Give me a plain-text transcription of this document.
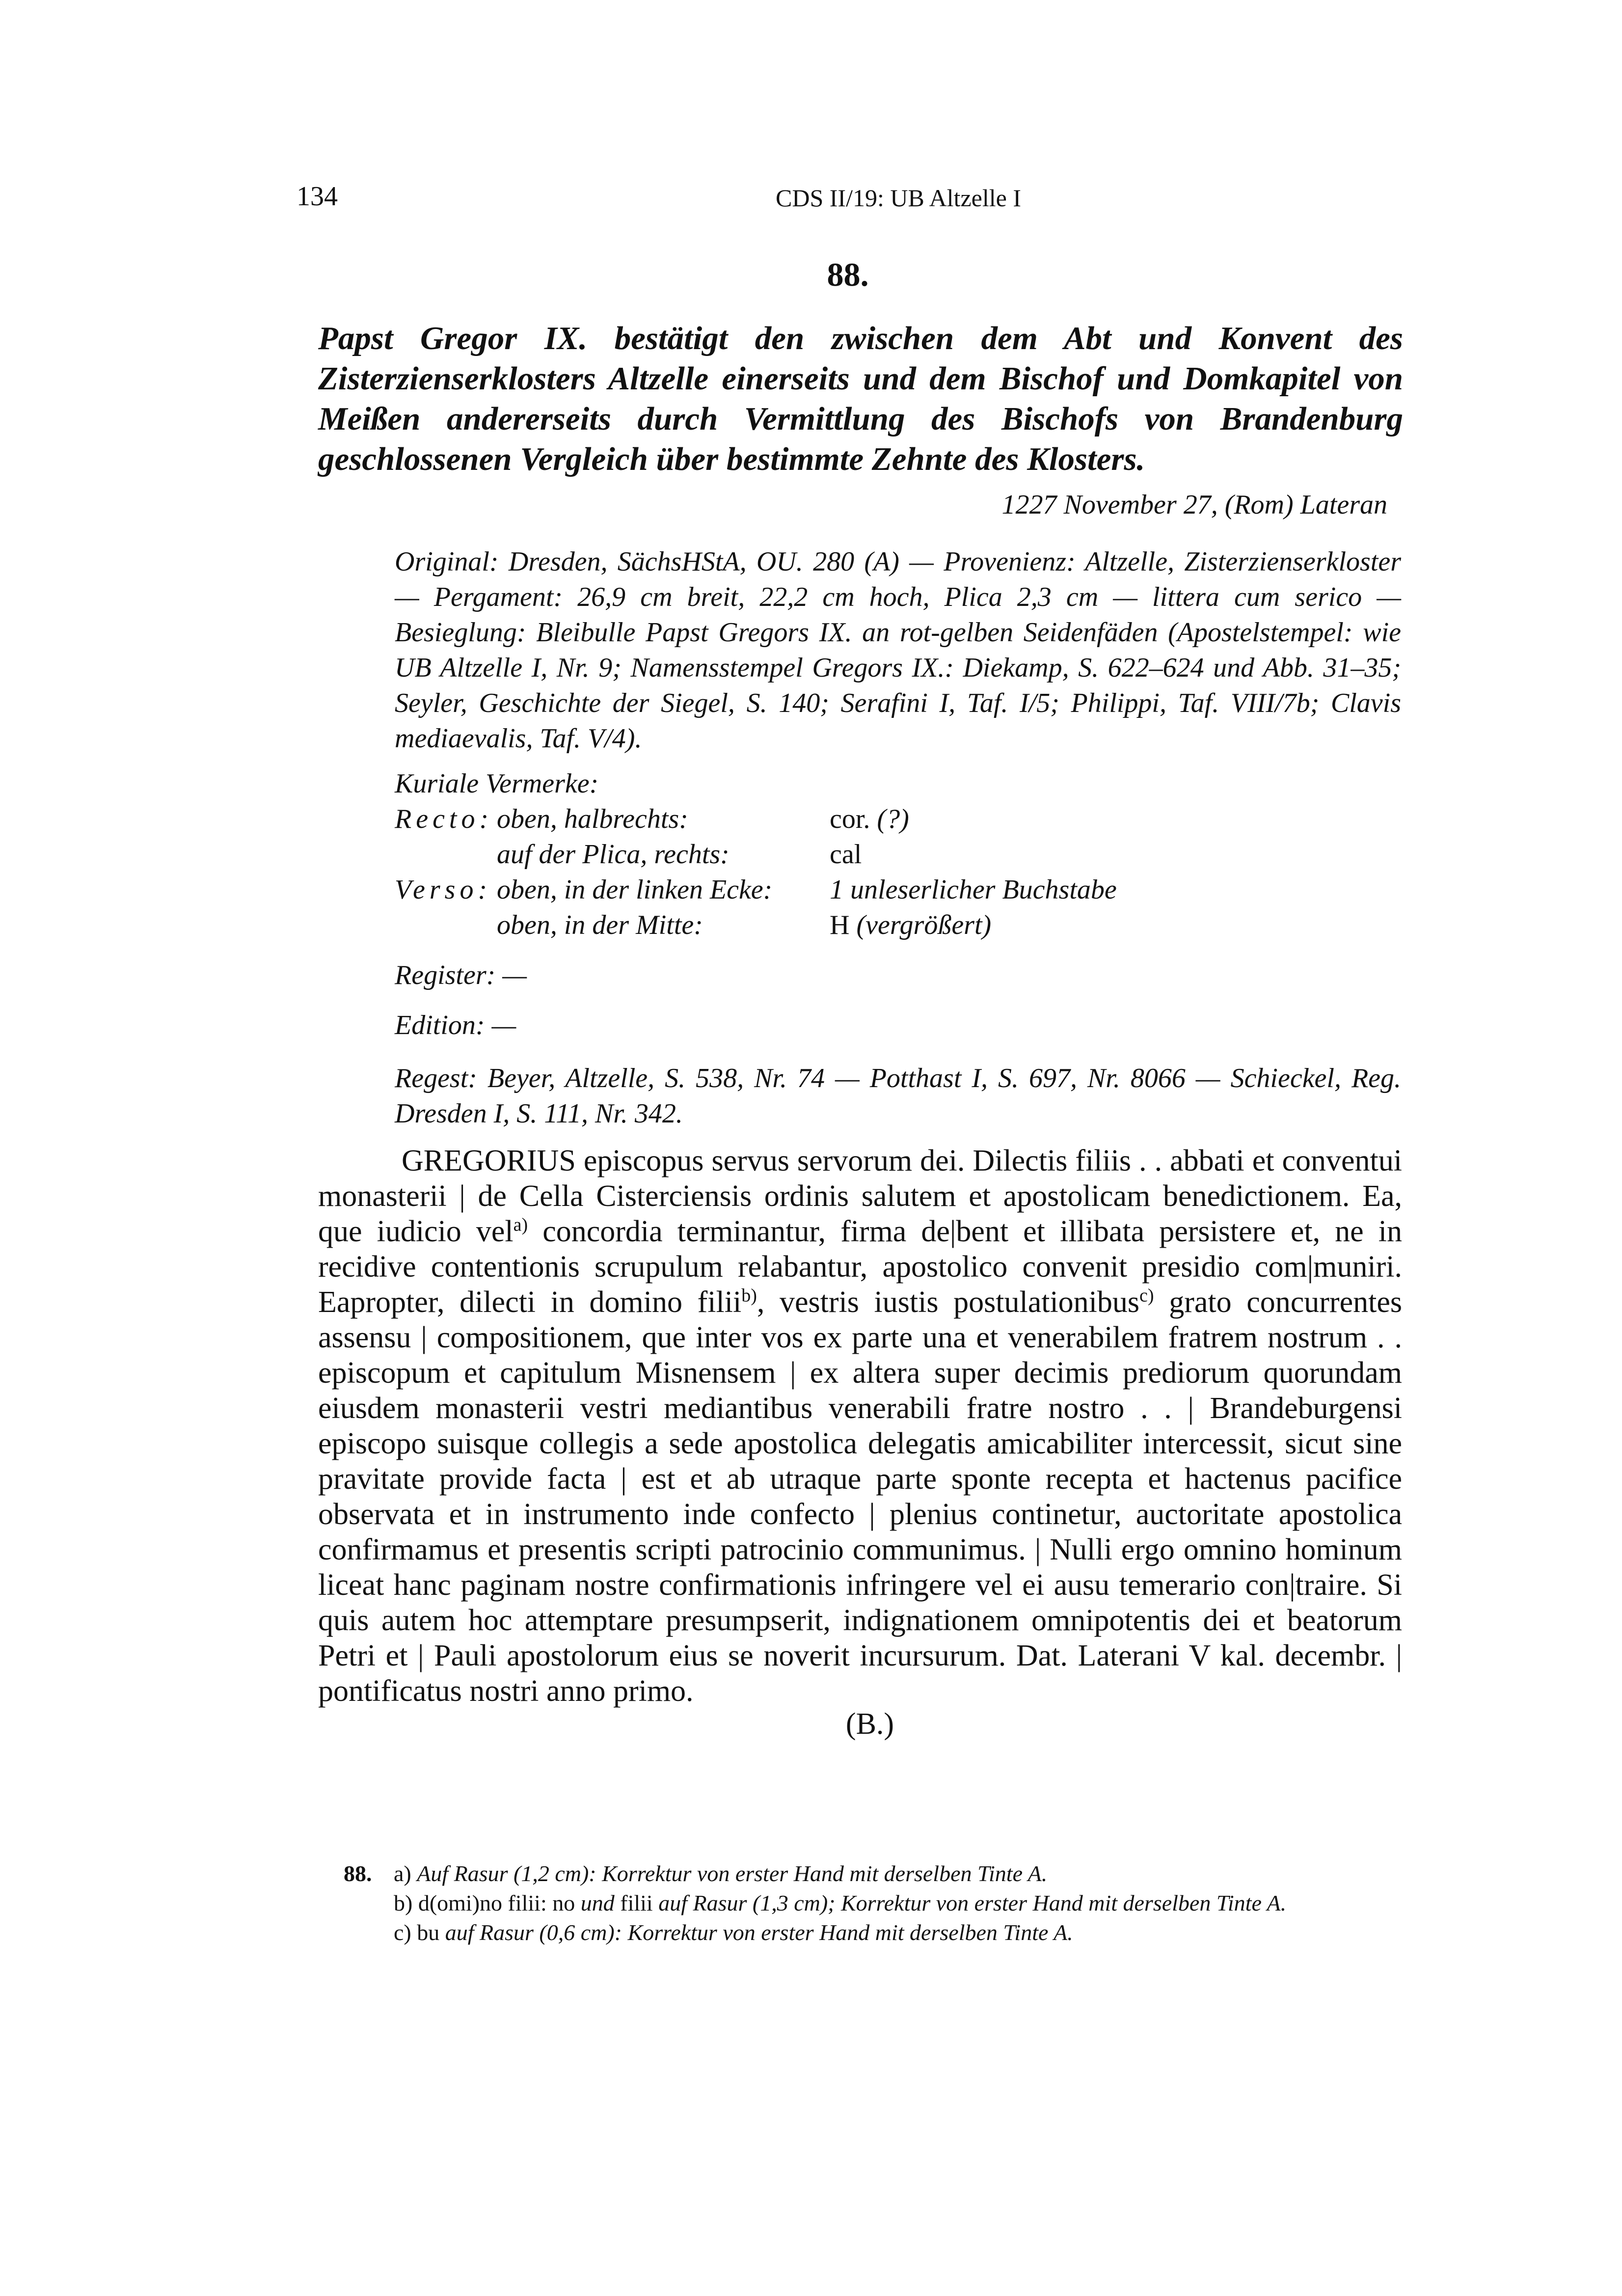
134	CDS II/19: UB Altzelle I
88.
Papst Gregor IX. bestätigt den zwischen dem Abt und Konvent des Zisterzienserklosters Altzelle einerseits und dem Bischof und Domkapitel von Meißen andererseits durch Vermittlung des Bischofs von Brandenburg geschlossenen Vergleich über bestimmte Zehnte des Klosters.
1227 November 27, (Rom) Lateran

Original: Dresden, SächsHStA, OU. 280 (A) — Provenienz: Altzelle, Zisterzienserkloster — Pergament: 26,9 cm breit, 22,2 cm hoch, Plica 2,3 cm — littera cum serico — Besieglung: Bleibulle Papst Gregors IX. an rot-gelben Seidenfäden (Apostelstempel: wie UB Altzelle I, Nr. 9; Namensstempel Gregors IX.: Diekamp, S. 622–624 und Abb. 31–35; Seyler, Geschichte der Siegel, S. 140; Serafini I, Taf. I/5; Philippi, Taf. VIII/7b; Clavis mediaevalis, Taf. V/4).

Kuriale Vermerke:

Recto:	oben, halbrechts:	cor. (?)
	auf der Plica, rechts:	cal
Verso:	oben, in der linken Ecke:	1 unleserlicher Buchstabe
	oben, in der Mitte:	H (vergrößert)

Register: —

Edition: —

Regest: Beyer, Altzelle, S. 538, Nr. 74 — Potthast I, S. 697, Nr. 8066 — Schieckel, Reg. Dresden I, S. 111, Nr. 342.

GREGORIUS episcopus servus servorum dei. Dilectis filiis . . abbati et conventui monasterii | de Cella Cisterciensis ordinis salutem et apostolicam benedictionem. Ea, que iudicio vel$^{a)}$ concordia terminantur, firma de|bent et illibata persistere et, ne in recidive contentionis scrupulum relabantur, apostolico convenit presidio com|muniri. Eapropter, dilecti in domino filii$^{b)}$, vestris iustis postulationibus$^{c)}$ grato concurrentes assensu | compositionem, que inter vos ex parte una et venerabilem fratrem nostrum . . episcopum et capitulum Misnensem | ex altera super decimis prediorum quorundam eiusdem monasterii vestri mediantibus venerabili fratre nostro . . | Brandeburgensi episcopo suisque collegis a sede apostolica delegatis amicabiliter intercessit, sicut sine pravitate provide facta | est et ab utraque parte sponte recepta et hactenus pacifice observata et in instrumento inde confecto | plenius continetur, auctoritate apostolica confirmamus et presentis scripti patrocinio communimus. | Nulli ergo omnino hominum liceat hanc paginam nostre confirmationis infringere vel ei ausu temerario con|traire. Si quis autem hoc attemptare presumpserit, indignationem omnipotentis dei et beatorum Petri et | Pauli apostolorum eius se noverit incursurum. Dat. Laterani V kal. decembr. | pontificatus nostri anno primo.
(B.)
88. a) Auf Rasur (1,2 cm): Korrektur von erster Hand mit derselben Tinte A.
b) d(omi)no filii: no und filii auf Rasur (1,3 cm); Korrektur von erster Hand mit derselben Tinte A.
c) bu auf Rasur (0,6 cm): Korrektur von erster Hand mit derselben Tinte A.
